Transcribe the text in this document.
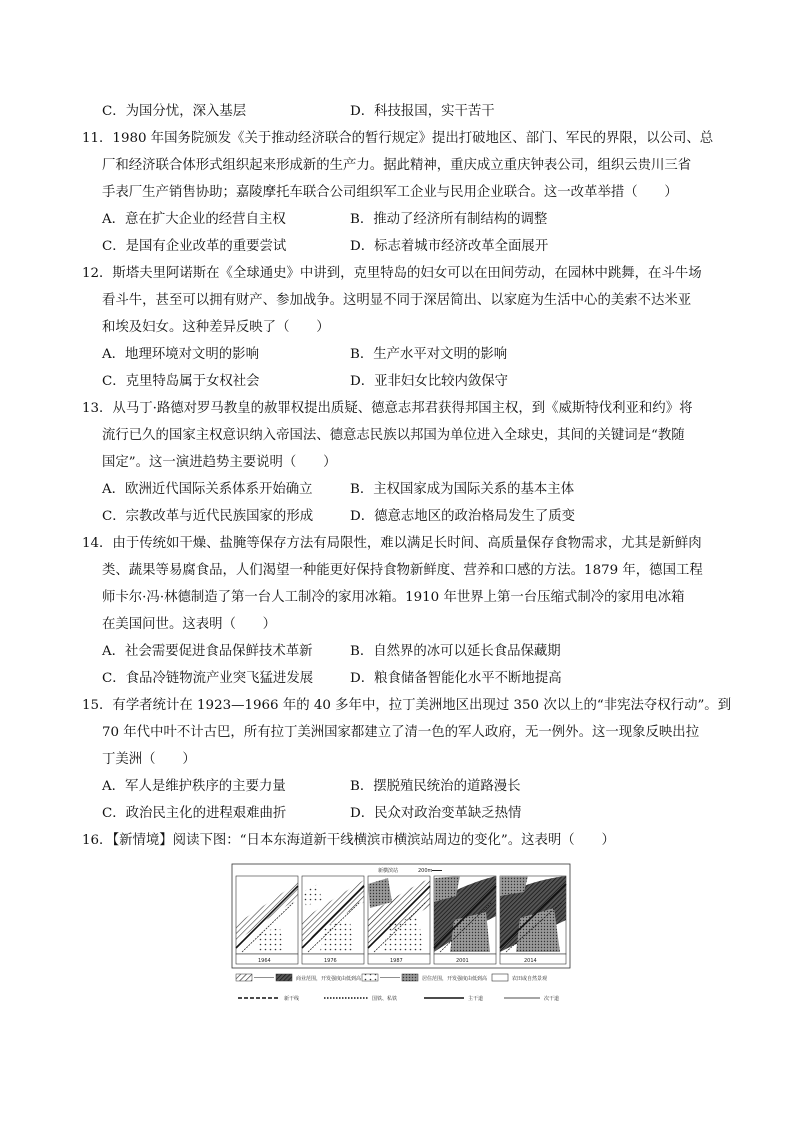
C．为国分忧，深入基层	D．科技报国，实干苦干
11．1980 年国务院颁发《关于推动经济联合的暂行规定》提出打破地区、部门、军民的界限，以公司、总
厂和经济联合体形式组织起来形成新的生产力。据此精神，重庆成立重庆钟表公司，组织云贵川三省
手表厂生产销售协助；嘉陵摩托车联合公司组织军工企业与民用企业联合。这一改革举措（　　）
A．意在扩大企业的经营自主权	B．推动了经济所有制结构的调整
C．是国有企业改革的重要尝试	D．标志着城市经济改革全面展开
12．斯塔夫里阿诺斯在《全球通史》中讲到，克里特岛的妇女可以在田间劳动，在园林中跳舞，在斗牛场
看斗牛，甚至可以拥有财产、参加战争。这明显不同于深居简出、以家庭为生活中心的美索不达米亚
和埃及妇女。这种差异反映了（　　）
A．地理环境对文明的影响	B．生产水平对文明的影响
C．克里特岛属于女权社会	D．亚非妇女比较内敛保守
13．从马丁·路德对罗马教皇的赦罪权提出质疑、德意志邦君获得邦国主权，到《威斯特伐利亚和约》将
流行已久的国家主权意识纳入帝国法、德意志民族以邦国为单位进入全球史，其间的关键词是“教随
国定”。这一演进趋势主要说明（　　）
A．欧洲近代国际关系体系开始确立	B．主权国家成为国际关系的基本主体
C．宗教改革与近代民族国家的形成	D．德意志地区的政治格局发生了质变
14．由于传统如干燥、盐腌等保存方法有局限性，难以满足长时间、高质量保存食物需求，尤其是新鲜肉
类、蔬果等易腐食品，人们渴望一种能更好保持食物新鲜度、营养和口感的方法。1879 年，德国工程
师卡尔·冯·林德制造了第一台人工制冷的家用冰箱。1910 年世界上第一台压缩式制冷的家用电冰箱
在美国问世。这表明（　　）
A．社会需要促进食品保鲜技术革新	B．自然界的冰可以延长食品保藏期
C．食品冷链物流产业突飞猛进发展	D．粮食储备智能化水平不断地提高
15．有学者统计在 1923—1966 年的 40 多年中，拉丁美洲地区出现过 350 次以上的“非宪法夺权行动”。到
70 年代中叶不计古巴，所有拉丁美洲国家都建立了清一色的军人政府，无一例外。这一现象反映出拉
丁美洲（　　）
A．军人是维护秩序的主要力量	B．摆脱殖民统治的道路漫长
C．政治民主化的进程艰难曲折	D．民众对政治变革缺乏热情
16．【新情境】阅读下图：“日本东海道新干线横滨市横滨站周边的变化”。这表明（　　）
新横滨站	200m
1964	1976	1987	2001	2014
商业范围，开发强度由低到高	居住范围，开发强度由低到高	农田或自然景观
新干线	国铁、私铁	主干道	次干道
